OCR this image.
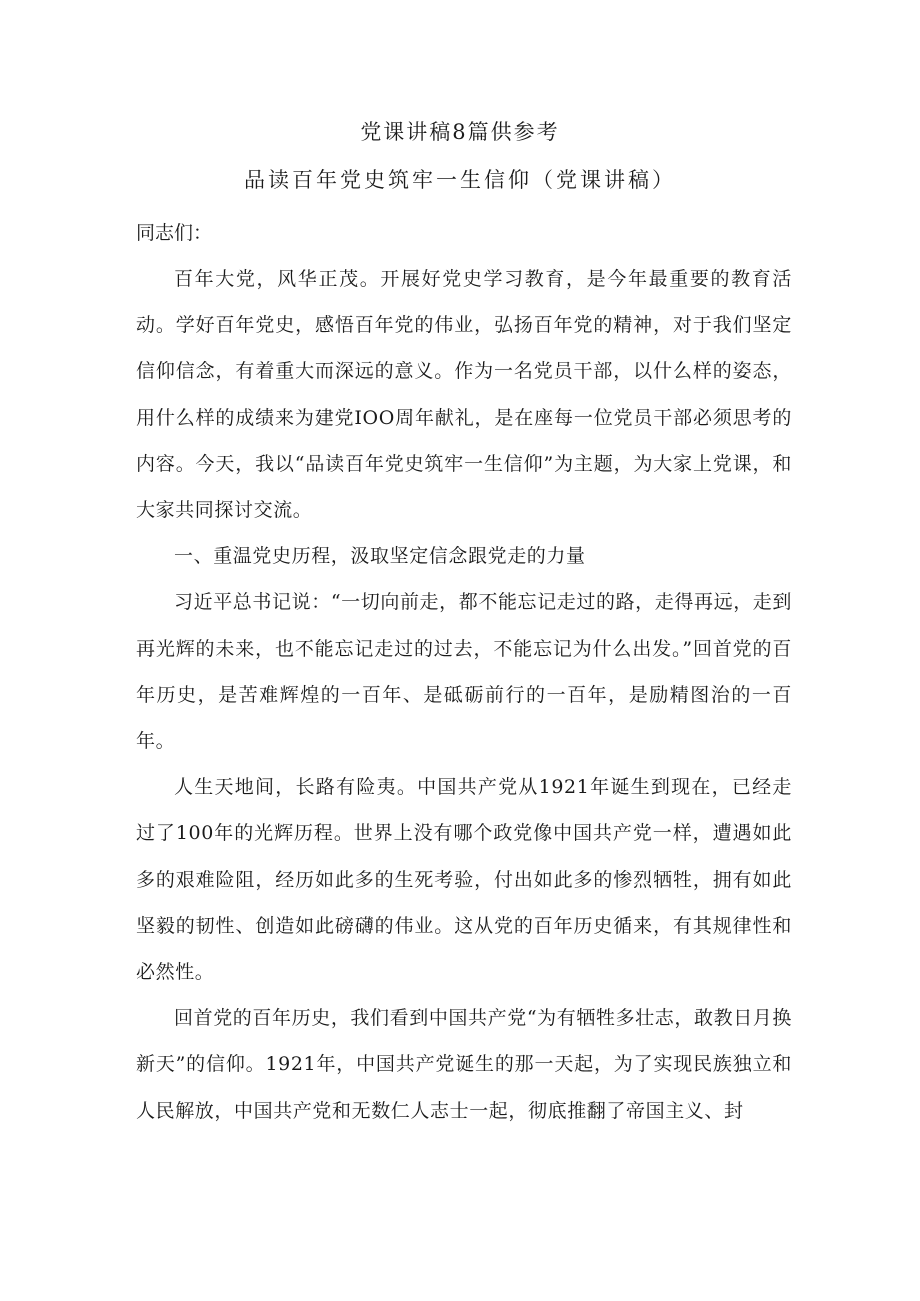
党课讲稿8篇供参考
品读百年党史筑牢一生信仰（党课讲稿）

同志们：

百年大党，风华正茂。开展好党史学习教育，是今年最重要的教育活动。学好百年党史，感悟百年党的伟业，弘扬百年党的精神，对于我们坚定信仰信念，有着重大而深远的意义。作为一名党员干部，以什么样的姿态，用什么样的成绩来为建党IOO周年献礼，是在座每一位党员干部必须思考的内容。今天，我以“品读百年党史筑牢一生信仰”为主题，为大家上党课，和大家共同探讨交流。

一、重温党史历程，汲取坚定信念跟党走的力量

习近平总书记说：“一切向前走，都不能忘记走过的路，走得再远，走到再光辉的未来，也不能忘记走过的过去，不能忘记为什么出发。”回首党的百年历史，是苦难辉煌的一百年、是砥砺前行的一百年，是励精图治的一百年。

人生天地间，长路有险夷。中国共产党从1921年诞生到现在，已经走过了100年的光辉历程。世界上没有哪个政党像中国共产党一样，遭遇如此多的艰难险阻，经历如此多的生死考验，付出如此多的惨烈牺牲，拥有如此坚毅的韧性、创造如此磅礴的伟业。这从党的百年历史循来，有其规律性和必然性。

回首党的百年历史，我们看到中国共产党“为有牺牲多壮志，敢教日月换新天”的信仰。1921年，中国共产党诞生的那一天起，为了实现民族独立和人民解放，中国共产党和无数仁人志士一起，彻底推翻了帝国主义、封
